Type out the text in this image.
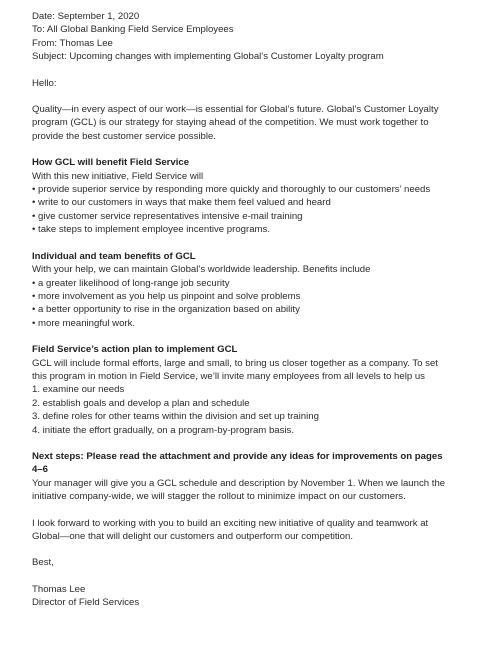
Date: September 1, 2020
To: All Global Banking Field Service Employees
From: Thomas Lee
Subject: Upcoming changes with implementing Global’s Customer Loyalty program
Hello:
Quality—in every aspect of our work—is essential for Global’s future. Global’s Customer Loyalty
program (GCL) is our strategy for staying ahead of the competition. We must work together to
provide the best customer service possible.
How GCL will benefit Field Service
With this new initiative, Field Service will
• provide superior service by responding more quickly and thoroughly to our customers’ needs
• write to our customers in ways that make them feel valued and heard
• give customer service representatives intensive e-mail training
• take steps to implement employee incentive programs.
Individual and team benefits of GCL
With your help, we can maintain Global’s worldwide leadership. Benefits include
• a greater likelihood of long-range job security
• more involvement as you help us pinpoint and solve problems
• a better opportunity to rise in the organization based on ability
• more meaningful work.
Field Service’s action plan to implement GCL
GCL will include formal efforts, large and small, to bring us closer together as a company. To set
this program in motion in Field Service, we’ll invite many employees from all levels to help us
1. examine our needs
2. establish goals and develop a plan and schedule
3. define roles for other teams within the division and set up training
4. initiate the effort gradually, on a program-by-program basis.
Next steps: Please read the attachment and provide any ideas for improvements on pages
4–6
Your manager will give you a GCL schedule and description by November 1. When we launch the
initiative company-wide, we will stagger the rollout to minimize impact on our customers.
I look forward to working with you to build an exciting new initiative of quality and teamwork at
Global—one that will delight our customers and outperform our competition.
Best,
Thomas Lee
Director of Field Services
